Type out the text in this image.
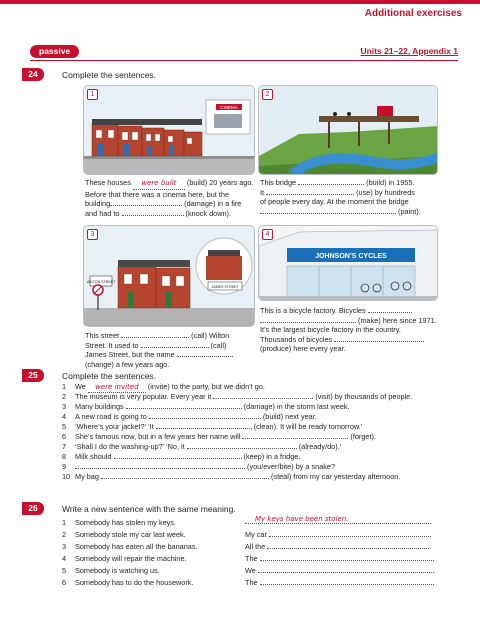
Additional exercises
passive	Units 21–22, Appendix 1
24	Complete the sentences.
1
CINEMA
These houses were built (build) 20 years ago.
Before that there was a cinema here, but the
building	(damage) in a fire
and had to	(knock down).
2
This bridge	(build) in 1955.
It	(use) by hundreds
of people every day. At the moment the bridge
(paint).
3
WILTON STREET
JAMES STREET
This street	(call) Wilton
Street. It used to	(call)
James Street, but the name
(change) a few years ago.
4
JOHNSON’S CYCLES
This is a bicycle factory. Bicycles
(make) here since 1971.
It’s the largest bicycle factory in the country.
Thousands of bicycles
(produce) here every year.
25	Complete the sentences.
1 We were invited (invite) to the party, but we didn’t go.
2 The museum is very popular. Every year it	(visit) by thousands of people.
3 Many buildings	(damage) in the storm last week.
4 A new road is going to	(build) next year.
5 ‘Where’s your jacket?’ ‘It	(clean). It will be ready tomorrow.’
6 She’s famous now, but in a few years her name will	(forget).
7 ‘Shall I do the washing-up?’ ‘No, it	(already/do).’
8 Milk should	(keep) in a fridge.
9	(you/ever/bite) by a snake?
10 My bag	(steal) from my car yesterday afternoon.
26	Write a new sentence with the same meaning.
1 Somebody has stolen my keys.	My keys have been stolen.
2 Somebody stole my car last week.	My car
3 Somebody has eaten all the bananas.	All the
4 Somebody will repair the machine.	The
5 Somebody is watching us.	We
6 Somebody has to do the housework.	The
